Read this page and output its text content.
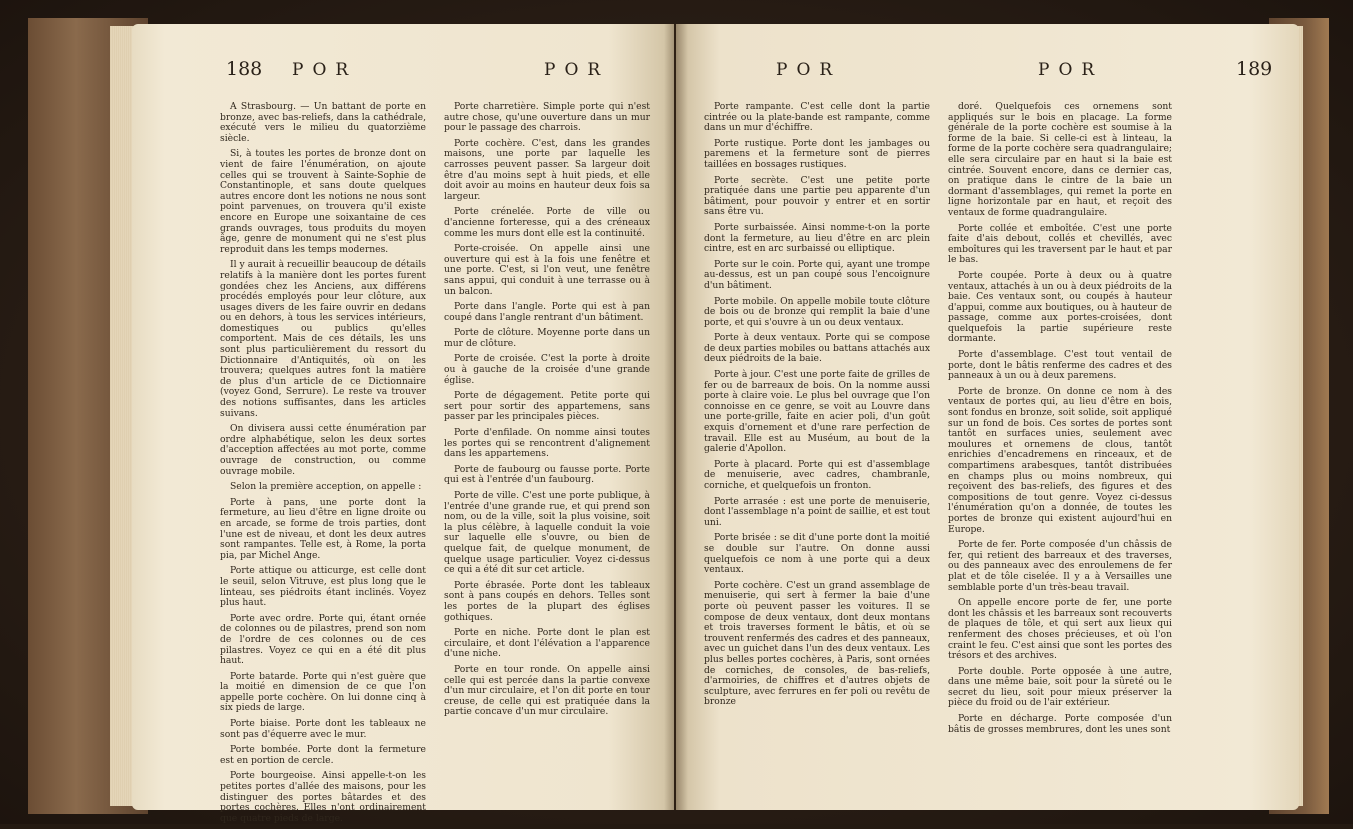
188 POR	POR

A Strasbourg. — Un battant de porte en bronze, avec bas-reliefs, dans la cathédrale, exécuté vers le milieu du quatorzième siècle.

Si, à toutes les portes de bronze dont on vient de faire l'énumération, on ajoute celles qui se trouvent à Sainte-Sophie de Constantinople, et sans doute quelques autres encore dont les notions ne nous sont point parvenues, on trouvera qu'il existe encore en Europe une soixantaine de ces grands ouvrages, tous produits du moyen âge, genre de monument qui ne s'est plus reproduit dans les temps modernes.

Il y aurait à recueillir beaucoup de détails relatifs à la manière dont les portes furent gondées chez les Anciens, aux différens procédés employés pour leur clôture, aux usages divers de les faire ouvrir en dedans ou en dehors, à tous les services intérieurs, domestiques ou publics qu'elles comportent. Mais de ces détails, les uns sont plus particulièrement du ressort du Dictionnaire d'Antiquités, où on les trouvera; quelques autres font la matière de plus d'un article de ce Dictionnaire (voyez Gond, Serrure). Le reste va trouver des notions suffisantes, dans les articles suivans.

On divisera aussi cette énumération par ordre alphabétique, selon les deux sortes d'acception affectées au mot porte, comme ouvrage de construction, ou comme ouvrage mobile.

Selon la première acception, on appelle :

Porte à pans, une porte dont la fermeture, au lieu d'être en ligne droite ou en arcade, se forme de trois parties, dont l'une est de niveau, et dont les deux autres sont rampantes. Telle est, à Rome, la porta pia, par Michel Ange.

Porte attique ou atticurge, est celle dont le seuil, selon Vitruve, est plus long que le linteau, ses piédroits étant inclinés. Voyez plus haut.

Porte avec ordre. Porte qui, étant ornée de colonnes ou de pilastres, prend son nom de l'ordre de ces colonnes ou de ces pilastres. Voyez ce qui en a été dit plus haut.

Porte batarde. Porte qui n'est guère que la moitié en dimension de ce que l'on appelle porte cochère. On lui donne cinq à six pieds de large.

Porte biaise. Porte dont les tableaux ne sont pas d'équerre avec le mur.

Porte bombée. Porte dont la fermeture est en portion de cercle.

Porte bourgeoise. Ainsi appelle-t-on les petites portes d'allée des maisons, pour les distinguer des portes bâtardes et des portes cochères. Elles n'ont ordinairement que quatre pieds de large.

Porte charretière. Simple porte qui n'est autre chose, qu'une ouverture dans un mur pour le passage des charrois.

Porte cochère. C'est, dans les grandes maisons, une porte par laquelle les carrosses peuvent passer. Sa largeur doit être d'au moins sept à huit pieds, et elle doit avoir au moins en hauteur deux fois sa largeur.

Porte crénelée. Porte de ville ou d'ancienne forteresse, qui a des créneaux comme les murs dont elle est la continuité.

Porte-croisée. On appelle ainsi une ouverture qui est à la fois une fenêtre et une porte. C'est, si l'on veut, une fenêtre sans appui, qui conduit à une terrasse ou à un balcon.

Porte dans l'angle. Porte qui est à pan coupé dans l'angle rentrant d'un bâtiment.

Porte de clôture. Moyenne porte dans un mur de clôture.

Porte de croisée. C'est la porte à droite ou à gauche de la croisée d'une grande église.

Porte de dégagement. Petite porte qui sert pour sortir des appartemens, sans passer par les principales pièces.

Porte d'enfilade. On nomme ainsi toutes les portes qui se rencontrent d'alignement dans les appartemens.

Porte de faubourg ou fausse porte. Porte qui est à l'entrée d'un faubourg.

Porte de ville. C'est une porte publique, à l'entrée d'une grande rue, et qui prend son nom, ou de la ville, soit la plus voisine, soit la plus célèbre, à laquelle conduit la voie sur laquelle elle s'ouvre, ou bien de quelque fait, de quelque monument, de quelque usage particulier. Voyez ci-dessus ce qui a été dit sur cet article.

Porte ébrasée. Porte dont les tableaux sont à pans coupés en dehors. Telles sont les portes de la plupart des églises gothiques.

Porte en niche. Porte dont le plan est circulaire, et dont l'élévation a l'apparence d'une niche.

Porte en tour ronde. On appelle ainsi celle qui est percée dans la partie convexe d'un mur circulaire, et l'on dit porte en tour creuse, de celle qui est pratiquée dans la partie concave d'un mur circulaire.

POR	POR	189

Porte rampante. C'est celle dont la partie cintrée ou la plate-bande est rampante, comme dans un mur d'échiffre.

Porte rustique. Porte dont les jambages ou paremens et la fermeture sont de pierres taillées en bossages rustiques.

Porte secrète. C'est une petite porte pratiquée dans une partie peu apparente d'un bâtiment, pour pouvoir y entrer et en sortir sans être vu.

Porte surbaissée. Ainsi nomme-t-on la porte dont la fermeture, au lieu d'être en arc plein cintre, est en arc surbaissé ou elliptique.

Porte sur le coin. Porte qui, ayant une trompe au-dessus, est un pan coupé sous l'encoignure d'un bâtiment.

Porte mobile. On appelle mobile toute clôture de bois ou de bronze qui remplit la baie d'une porte, et qui s'ouvre à un ou deux ventaux.

Porte à deux ventaux. Porte qui se compose de deux parties mobiles ou battans attachés aux deux piédroits de la baie.

Porte à jour. C'est une porte faite de grilles de fer ou de barreaux de bois. On la nomme aussi porte à claire voie. Le plus bel ouvrage que l'on connoisse en ce genre, se voit au Louvre dans une porte-grille, faite en acier poli, d'un goût exquis d'ornement et d'une rare perfection de travail. Elle est au Muséum, au bout de la galerie d'Apollon.

Porte à placard. Porte qui est d'assemblage de menuiserie, avec cadres, chambranle, corniche, et quelquefois un fronton.

Porte arrasée : est une porte de menuiserie, dont l'assemblage n'a point de saillie, et est tout uni.

Porte brisée : se dit d'une porte dont la moitié se double sur l'autre. On donne aussi quelquefois ce nom à une porte qui a deux ventaux.

Porte cochère. C'est un grand assemblage de menuiserie, qui sert à fermer la baie d'une porte où peuvent passer les voitures. Il se compose de deux ventaux, dont deux montans et trois traverses forment le bâtis, et où se trouvent renfermés des cadres et des panneaux, avec un guichet dans l'un des deux ventaux. Les plus belles portes cochères, à Paris, sont ornées de corniches, de consoles, de bas-reliefs, d'armoiries, de chiffres et d'autres objets de sculpture, avec ferrures en fer poli ou revêtu de bronze

doré. Quelquefois ces ornemens sont appliqués sur le bois en placage. La forme générale de la porte cochère est soumise à la forme de la baie. Si celle-ci est à linteau, la forme de la porte cochère sera quadrangulaire; elle sera circulaire par en haut si la baie est cintrée. Souvent encore, dans ce dernier cas, on pratique dans le cintre de la baie un dormant d'assemblages, qui remet la porte en ligne horizontale par en haut, et reçoit des ventaux de forme quadrangulaire.

Porte collée et emboîtée. C'est une porte faite d'ais debout, collés et chevillés, avec emboîtures qui les traversent par le haut et par le bas.

Porte coupée. Porte à deux ou à quatre ventaux, attachés à un ou à deux piédroits de la baie. Ces ventaux sont, ou coupés à hauteur d'appui, comme aux boutiques, ou à hauteur de passage, comme aux portes-croisées, dont quelquefois la partie supérieure reste dormante.

Porte d'assemblage. C'est tout ventail de porte, dont le bâtis renferme des cadres et des panneaux à un ou à deux paremens.

Porte de bronze. On donne ce nom à des ventaux de portes qui, au lieu d'être en bois, sont fondus en bronze, soit solide, soit appliqué sur un fond de bois. Ces sortes de portes sont tantôt en surfaces unies, seulement avec moulures et ornemens de clous, tantôt enrichies d'encadremens en rinceaux, et de compartimens arabesques, tantôt distribuées en champs plus ou moins nombreux, qui reçoivent des bas-reliefs, des figures et des compositions de tout genre. Voyez ci-dessus l'énumération qu'on a donnée, de toutes les portes de bronze qui existent aujourd'hui en Europe.

Porte de fer. Porte composée d'un châssis de fer, qui retient des barreaux et des traverses, ou des panneaux avec des enroulemens de fer plat et de tôle ciselée. Il y a à Versailles une semblable porte d'un très-beau travail.

On appelle encore porte de fer, une porte dont les châssis et les barreaux sont recouverts de plaques de tôle, et qui sert aux lieux qui renferment des choses précieuses, et où l'on craint le feu. C'est ainsi que sont les portes des trésors et des archives.

Porte double. Porte opposée à une autre, dans une même baie, soit pour la sûreté ou le secret du lieu, soit pour mieux préserver la pièce du froid ou de l'air extérieur.

Porte en décharge. Porte composée d'un bâtis de grosses membrures, dont les unes sont
